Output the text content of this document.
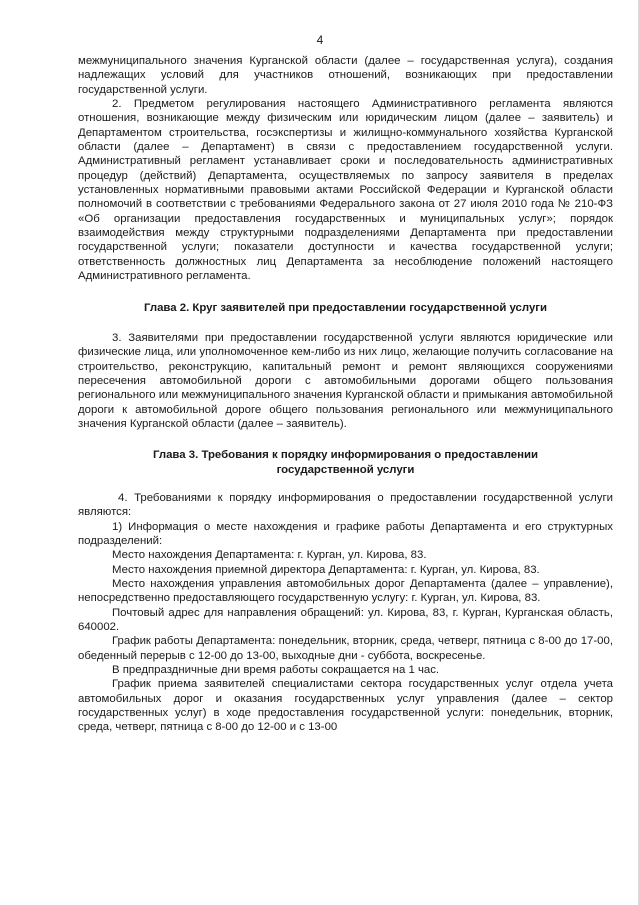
4

межмуниципального значения Курганской области (далее – государственная услуга), создания надлежащих условий для участников отношений, возникающих при предоставлении государственной услуги.

2. Предметом регулирования настоящего Административного регламента являются отношения, возникающие между физическим или юридическим лицом (далее – заявитель) и Департаментом строительства, госэкспертизы и жилищно-коммунального хозяйства Курганской области (далее – Департамент) в связи с предоставлением государственной услуги. Административный регламент устанавливает сроки и последовательность административных процедур (действий) Департамента, осуществляемых по запросу заявителя в пределах установленных нормативными правовыми актами Российской Федерации и Курганской области полномочий в соответствии с требованиями Федерального закона от 27 июля 2010 года № 210-ФЗ «Об организации предоставления государственных и муниципальных услуг»; порядок взаимодействия между структурными подразделениями Департамента при предоставлении государственной услуги; показатели доступности и качества государственной услуги; ответственность должностных лиц Департамента за несоблюдение положений настоящего Административного регламента.

Глава 2. Круг заявителей при предоставлении государственной услуги

3. Заявителями при предоставлении государственной услуги являются юридические или физические лица, или уполномоченное кем-либо из них лицо, желающие получить согласование на строительство, реконструкцию, капитальный ремонт и ремонт являющихся сооружениями пересечения автомобильной дороги с автомобильными дорогами общего пользования регионального или межмуниципального значения Курганской области и примыкания автомобильной дороги к автомобильной дороге общего пользования регионального или межмуниципального значения Курганской области (далее – заявитель).

Глава 3. Требования к порядку информирования о предоставлении
государственной услуги

4. Требованиями к порядку информирования о предоставлении государственной услуги являются:

1) Информация о месте нахождения и графике работы Департамента и его структурных подразделений:

Место нахождения Департамента: г. Курган, ул. Кирова, 83.

Место нахождения приемной директора Департамента: г. Курган, ул. Кирова, 83.

Место нахождения управления автомобильных дорог Департамента (далее – управление), непосредственно предоставляющего государственную услугу: г. Курган, ул. Кирова, 83.

Почтовый адрес для направления обращений: ул. Кирова, 83, г. Курган, Курганская область, 640002.

График работы Департамента: понедельник, вторник, среда, четверг, пятница с 8-00 до 17-00, обеденный перерыв с 12-00 до 13-00, выходные дни - суббота, воскресенье.

В предпраздничные дни время работы сокращается на 1 час.

График приема заявителей специалистами сектора государственных услуг отдела учета автомобильных дорог и оказания государственных услуг управления (далее – сектор государственных услуг) в ходе предоставления государственной услуги: понедельник, вторник, среда, четверг, пятница с 8-00 до 12-00 и с 13-00
